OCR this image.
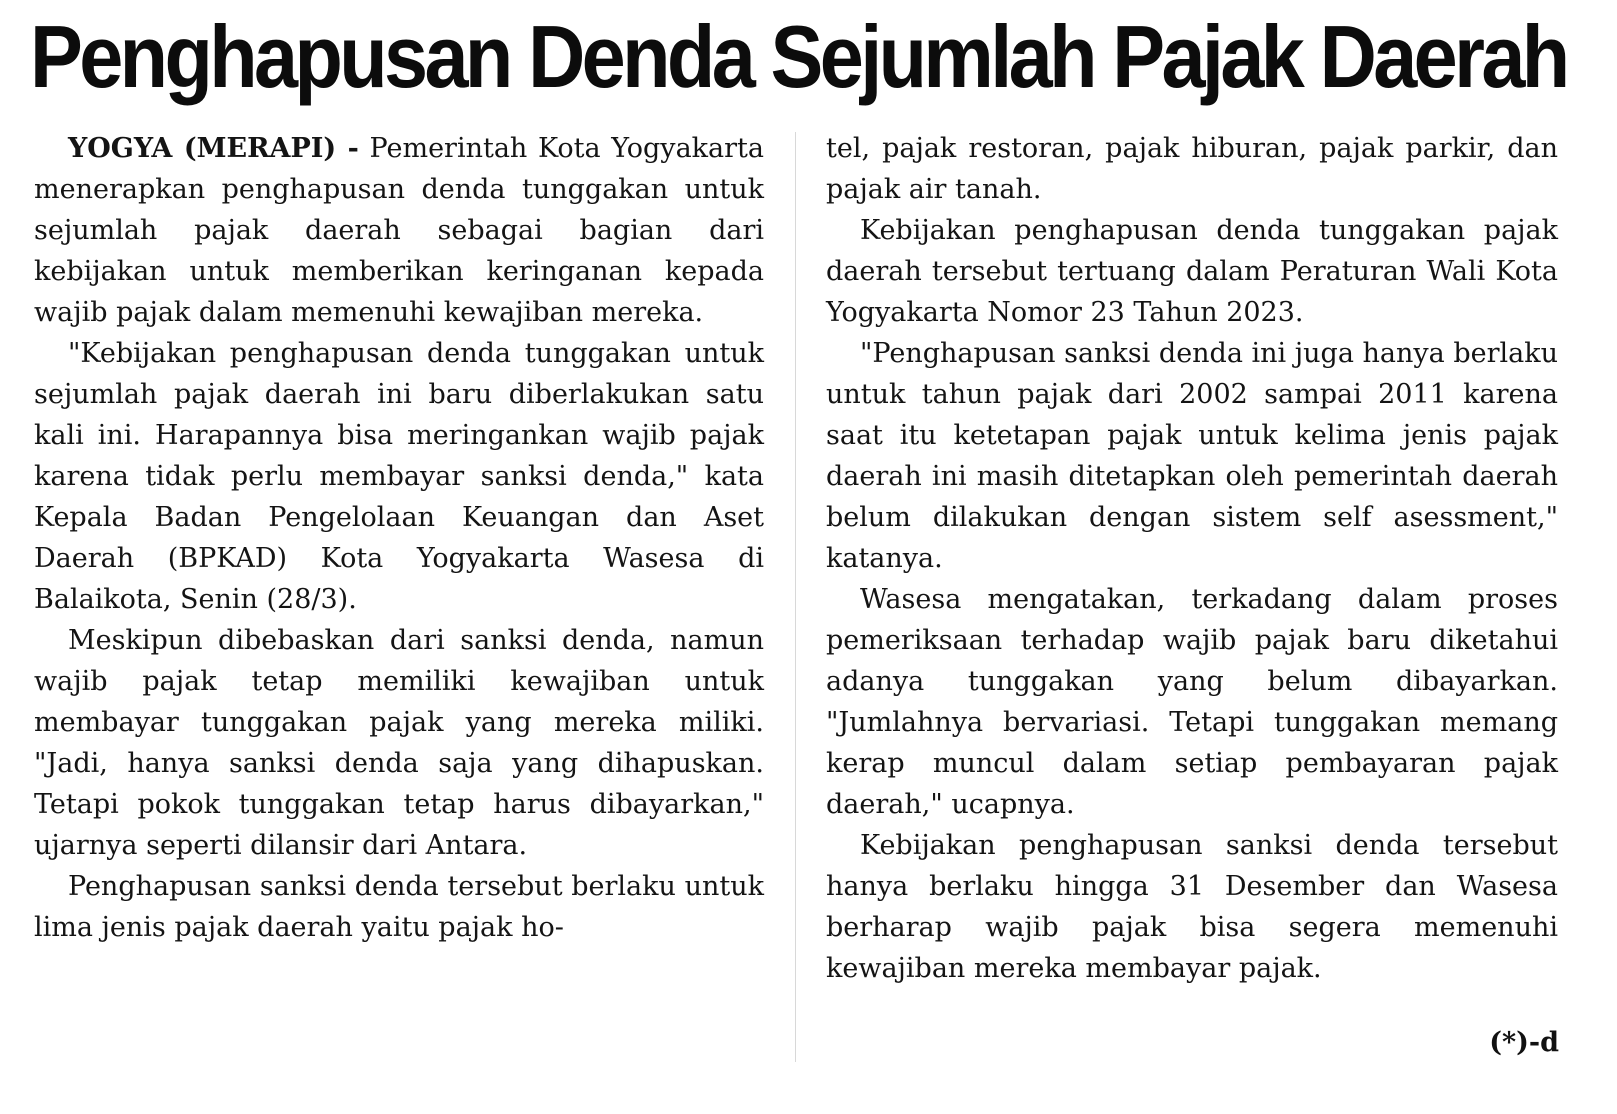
Penghapusan Denda Sejumlah Pajak Daerah

YOGYA (MERAPI) - Pemerintah Kota Yogyakarta menerapkan penghapusan denda tunggakan untuk sejumlah pajak daerah sebagai bagian dari kebijakan untuk memberikan keringanan kepada wajib pajak dalam memenuhi kewajiban mereka.

"Kebijakan penghapusan denda tunggakan untuk sejumlah pajak daerah ini baru diberlakukan satu kali ini. Harapannya bisa meringankan wajib pajak karena tidak perlu membayar sanksi denda," kata Kepala Badan Pengelolaan Keuangan dan Aset Daerah (BPKAD) Kota Yogyakarta Wasesa di Balaikota, Senin (28/3).

Meskipun dibebaskan dari sanksi denda, namun wajib pajak tetap memiliki kewajiban untuk membayar tunggakan pajak yang mereka miliki. "Jadi, hanya sanksi denda saja yang dihapuskan. Tetapi pokok tunggakan tetap harus dibayarkan," ujarnya seperti dilansir dari Antara.

Penghapusan sanksi denda tersebut berlaku untuk lima jenis pajak daerah yaitu pajak ho-

tel, pajak restoran, pajak hiburan, pajak parkir, dan pajak air tanah.

Kebijakan penghapusan denda tunggakan pajak daerah tersebut tertuang dalam Peraturan Wali Kota Yogyakarta Nomor 23 Tahun 2023.

"Penghapusan sanksi denda ini juga hanya berlaku untuk tahun pajak dari 2002 sampai 2011 karena saat itu ketetapan pajak untuk kelima jenis pajak daerah ini masih ditetapkan oleh pemerintah daerah belum dilakukan dengan sistem self asessment," katanya.

Wasesa mengatakan, terkadang dalam proses pemeriksaan terhadap wajib pajak baru diketahui adanya tunggakan yang belum dibayarkan. "Jumlahnya bervariasi. Tetapi tunggakan memang kerap muncul dalam setiap pembayaran pajak daerah," ucapnya.

Kebijakan penghapusan sanksi denda tersebut hanya berlaku hingga 31 Desember dan Wasesa berharap wajib pajak bisa segera memenuhi kewajiban mereka membayar pajak.

(*)-d
